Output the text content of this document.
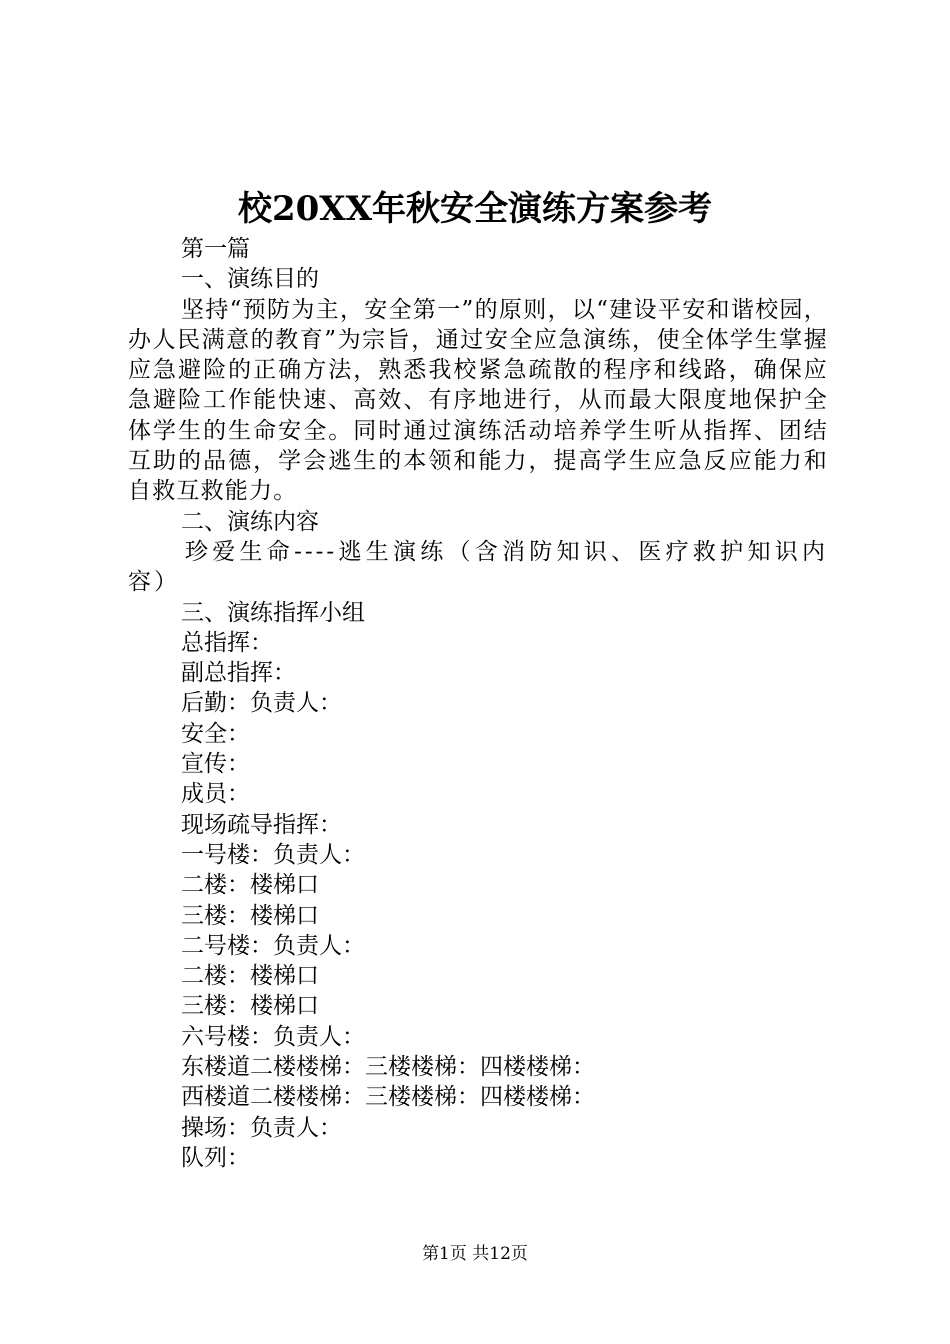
校20XX年秋安全演练方案参考

第一篇

一、演练目的

坚持“预防为主，安全第一”的原则，以“建设平安和谐校园，办人民满意的教育”为宗旨，通过安全应急演练，使全体学生掌握应急避险的正确方法，熟悉我校紧急疏散的程序和线路，确保应急避险工作能快速、高效、有序地进行，从而最大限度地保护全体学生的生命安全。同时通过演练活动培养学生听从指挥、团结互助的品德，学会逃生的本领和能力，提高学生应急反应能力和自救互救能力。

二、演练内容

珍爱生命----逃生演练（含消防知识、医疗救护知识内容）

三、演练指挥小组

总指挥：

副总指挥：

后勤：负责人：

安全：

宣传：

成员：

现场疏导指挥：

一号楼：负责人：

二楼：楼梯口

三楼：楼梯口

二号楼：负责人：

二楼：楼梯口

三楼：楼梯口

六号楼：负责人：

东楼道二楼楼梯：三楼楼梯：四楼楼梯：

西楼道二楼楼梯：三楼楼梯：四楼楼梯：

操场：负责人：

队列：

第1页 共12页
